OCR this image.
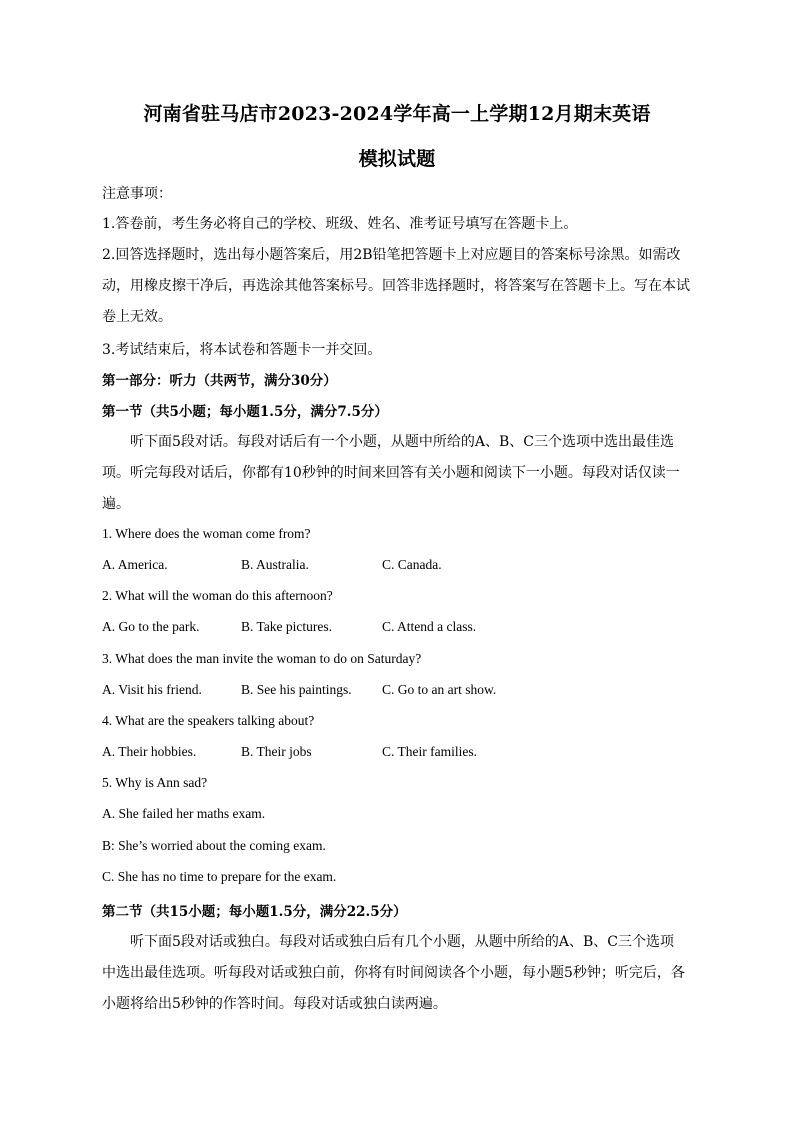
河南省驻马店市2023-2024学年高一上学期12月期末英语
模拟试题
注意事项：
1.答卷前，考生务必将自己的学校、班级、姓名、准考证号填写在答题卡上。
2.回答选择题时，选出每小题答案后，用2B铅笔把答题卡上对应题目的答案标号涂黑。如需改
动，用橡皮擦干净后，再选涂其他答案标号。回答非选择题时，将答案写在答题卡上。写在本试
卷上无效。
3.考试结束后，将本试卷和答题卡一并交回。
第一部分：听力（共两节，满分30分）
第一节（共5小题；每小题1.5分，满分7.5分）
听下面5段对话。每段对话后有一个小题，从题中所给的A、B、C三个选项中选出最佳选
项。听完每段对话后，你都有10秒钟的时间来回答有关小题和阅读下一小题。每段对话仅读一
遍。
1. Where does the woman come from?
A. America.	B. Australia.	C. Canada.
2. What will the woman do this afternoon?
A. Go to the park.	B. Take pictures.	C. Attend a class.
3. What does the man invite the woman to do on Saturday?
A. Visit his friend.	B. See his paintings. C. Go to an art show.
4. What are the speakers talking about?
A. Their hobbies.	B. Their jobs	C. Their families.
5. Why is Ann sad?
A. She failed her maths exam.
B: She’s worried about the coming exam.
C. She has no time to prepare for the exam.
第二节（共15小题；每小题1.5分，满分22.5分）
听下面5段对话或独白。每段对话或独白后有几个小题，从题中所给的A、B、C三个选项
中选出最佳选项。听每段对话或独白前，你将有时间阅读各个小题，每小题5秒钟；听完后，各
小题将给出5秒钟的作答时间。每段对话或独白读两遍。
